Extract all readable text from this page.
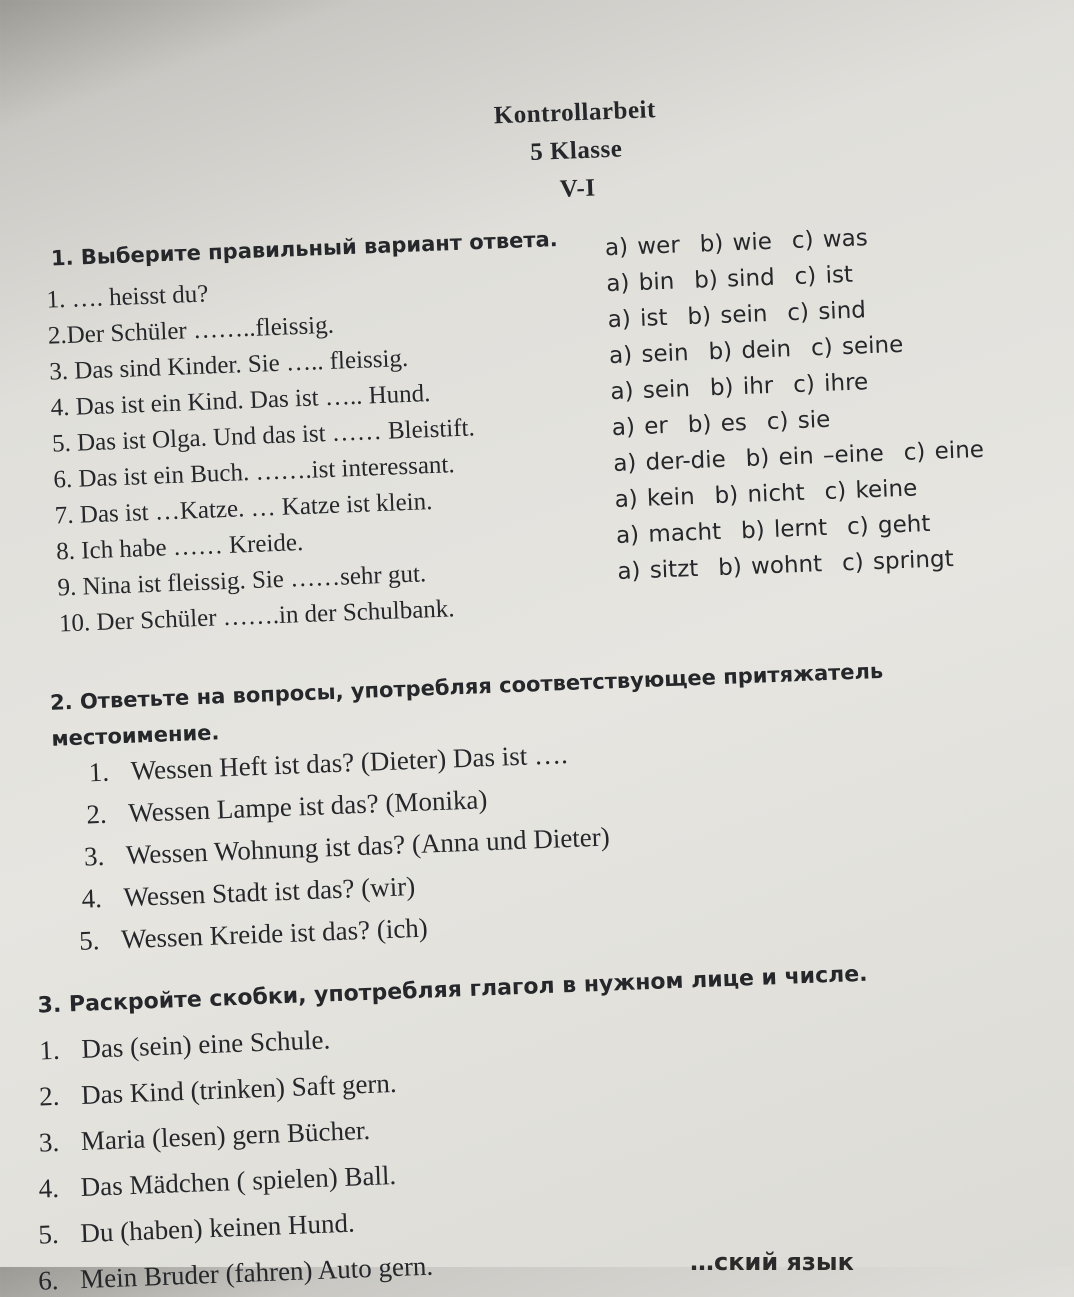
Kontrollarbeit
5 Klasse
V-I
1. Выберите правильный вариант ответа.
1. …. heisst du?
2.Der Schüler ……..fleissig.
3. Das sind Kinder. Sie ….. fleissig.
4. Das ist ein Kind. Das ist ….. Hund.
5. Das ist Olga. Und das ist …… Bleistift.
6. Das ist ein Buch. …….ist interessant.
7. Das ist …Katze. … Katze ist klein.
8. Ich habe …… Kreide.
9. Nina ist fleissig. Sie ……sehr gut.
10. Der Schüler …….in der Schulbank.
a) wer b) wie c) was
a) bin b) sind c) ist
a) ist b) sein c) sind
a) sein b) dein c) seine
a) sein b) ihr c) ihre
a) er b) es c) sie
a) der-die b) ein –eine c) eine
a) kein b) nicht c) keine
a) macht b) lernt c) geht
a) sitzt b) wohnt c) springt
2. Ответьте на вопросы, употребляя соответствующее притяжатель
местоимение.
1. Wessen Heft ist das? (Dieter) Das ist ….
2. Wessen Lampe ist das? (Monika)
3. Wessen Wohnung ist das? (Anna und Dieter)
4. Wessen Stadt ist das? (wir)
5. Wessen Kreide ist das? (ich)
3. Раскройте скобки, употребляя глагол в нужном лице и числе.
1. Das (sein) eine Schule.
2. Das Kind (trinken) Saft gern.
3. Maria (lesen) gern Bücher.
4. Das Mädchen ( spielen) Ball.
5. Du (haben) keinen Hund.
6. Mein Bruder (fahren) Auto gern.	…ский язык
